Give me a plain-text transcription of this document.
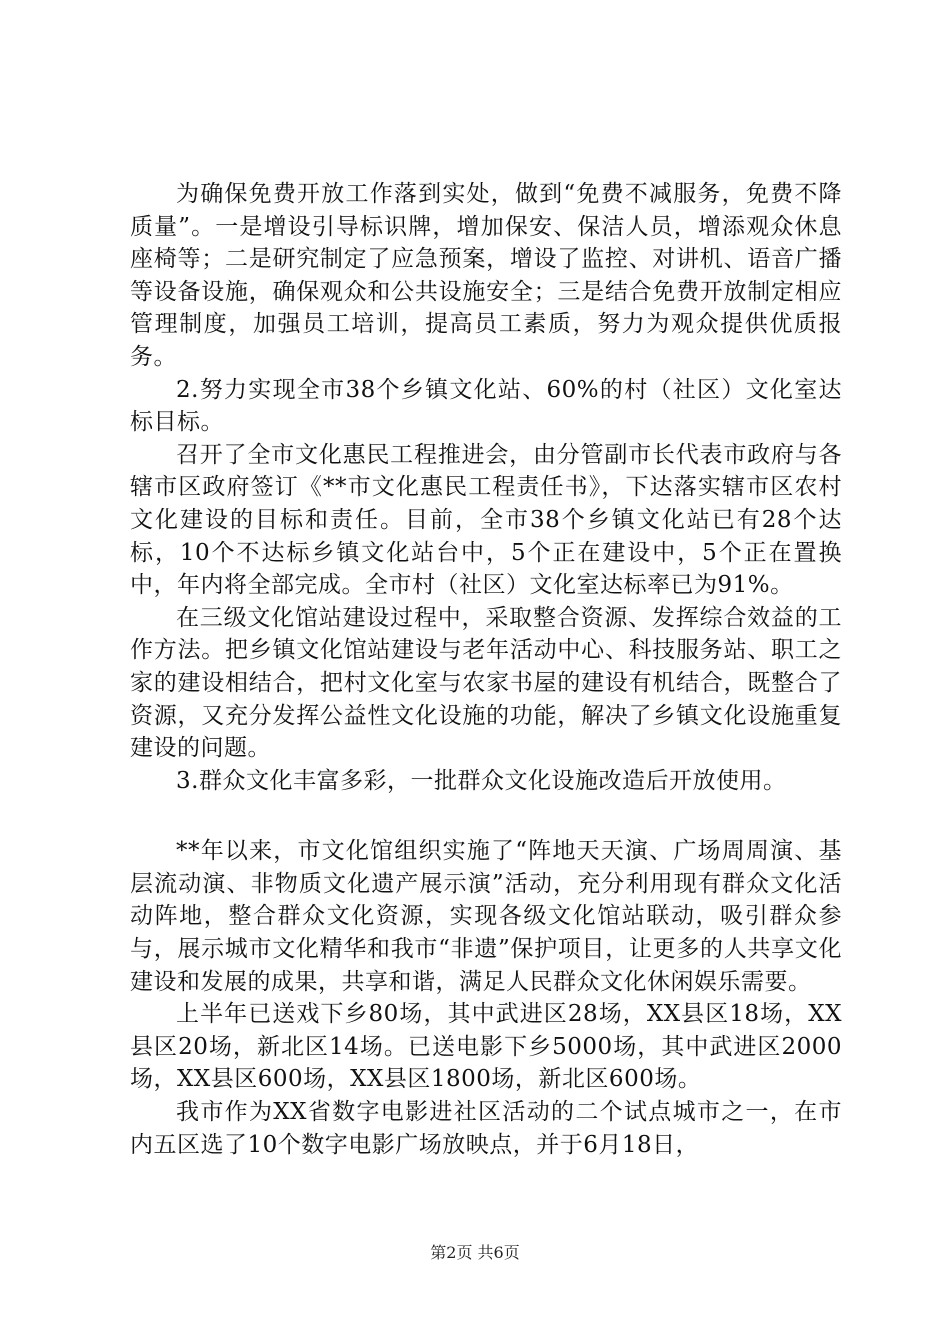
为确保免费开放工作落到实处，做到“免费不减服务，免费不降质量”。一是增设引导标识牌，增加保安、保洁人员，增添观众休息座椅等；二是研究制定了应急预案，增设了监控、对讲机、语音广播等设备设施，确保观众和公共设施安全；三是结合免费开放制定相应管理制度，加强员工培训，提高员工素质，努力为观众提供优质报务。

2.努力实现全市38个乡镇文化站、60%的村（社区）文化室达标目标。

召开了全市文化惠民工程推进会，由分管副市长代表市政府与各辖市区政府签订《**市文化惠民工程责任书》，下达落实辖市区农村文化建设的目标和责任。目前，全市38个乡镇文化站已有28个达标，10个不达标乡镇文化站台中，5个正在建设中，5个正在置换中，年内将全部完成。全市村（社区）文化室达标率已为91%。

在三级文化馆站建设过程中，采取整合资源、发挥综合效益的工作方法。把乡镇文化馆站建设与老年活动中心、科技服务站、职工之家的建设相结合，把村文化室与农家书屋的建设有机结合，既整合了资源，又充分发挥公益性文化设施的功能，解决了乡镇文化设施重复建设的问题。

3.群众文化丰富多彩，一批群众文化设施改造后开放使用。

**年以来，市文化馆组织实施了“阵地天天演、广场周周演、基层流动演、非物质文化遗产展示演”活动，充分利用现有群众文化活动阵地，整合群众文化资源，实现各级文化馆站联动，吸引群众参与，展示城市文化精华和我市“非遗”保护项目，让更多的人共享文化建设和发展的成果，共享和谐，满足人民群众文化休闲娱乐需要。

上半年已送戏下乡80场，其中武进区28场，XX县区18场，XX县区20场，新北区14场。已送电影下乡5000场，其中武进区2000场，XX县区600场，XX县区1800场，新北区600场。

我市作为XX省数字电影进社区活动的二个试点城市之一，在市内五区选了10个数字电影广场放映点，并于6月18日，

第2页 共6页
